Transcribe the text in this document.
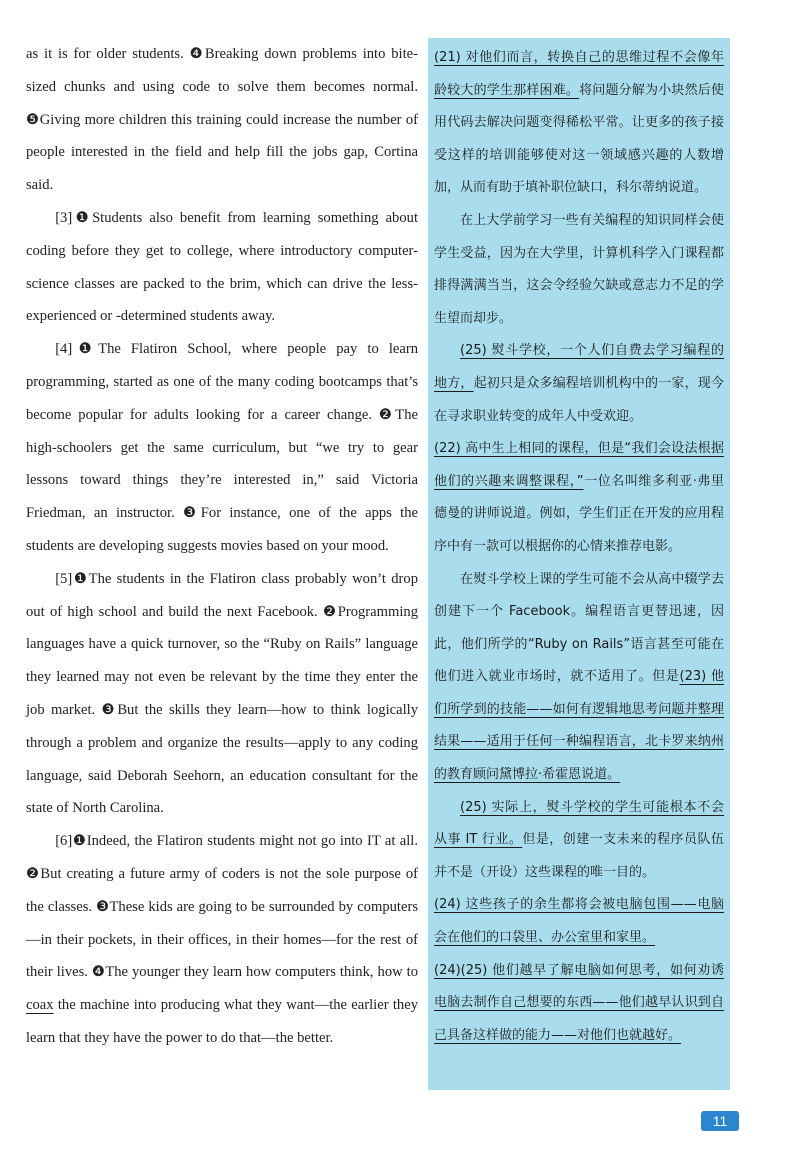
as it is for older students. ❹Breaking down problems into bite-sized chunks and using code to solve them becomes normal. ❺Giving more children this training could increase the number of people interested in the field and help fill the jobs gap, Cortina said.

[3]❶Students also benefit from learning something about coding before they get to college, where introductory computer-science classes are packed to the brim, which can drive the less-experienced or -determined students away.

[4]❶The Flatiron School, where people pay to learn programming, started as one of the many coding bootcamps that’s become popular for adults looking for a career change. ❷The high-schoolers get the same curriculum, but “we try to gear lessons toward things they’re interested in,” said Victoria Friedman, an instructor. ❸For instance, one of the apps the students are developing suggests movies based on your mood.

[5]❶The students in the Flatiron class probably won’t drop out of high school and build the next Facebook. ❷Programming languages have a quick turnover, so the “Ruby on Rails” language they learned may not even be relevant by the time they enter the job market. ❸But the skills they learn—how to think logically through a problem and organize the results—apply to any coding language, said Deborah Seehorn, an education consultant for the state of North Carolina.

[6]❶Indeed, the Flatiron students might not go into IT at all. ❷But creating a future army of coders is not the sole purpose of the classes. ❸These kids are going to be surrounded by computers—in their pockets, in their offices, in their homes—for the rest of their lives. ❹The younger they learn how computers think, how to coax the machine into producing what they want—the earlier they learn that they have the power to do that—the better.

(21) 对他们而言，转换自己的思维过程不会像年龄较大的学生那样困难。将问题分解为小块然后使用代码去解决问题变得稀松平常。让更多的孩子接受这样的培训能够使对这一领域感兴趣的人数增加，从而有助于填补职位缺口，科尔蒂纳说道。

在上大学前学习一些有关编程的知识同样会使学生受益，因为在大学里，计算机科学入门课程都排得满满当当，这会令经验欠缺或意志力不足的学生望而却步。

(25) 熨斗学校，一个人们自费去学习编程的地方，起初只是众多编程培训机构中的一家，现今在寻求职业转变的成年人中受欢迎。

(22) 高中生上相同的课程，但是“我们会设法根据他们的兴趣来调整课程，”一位名叫维多利亚·弗里德曼的讲师说道。例如，学生们正在开发的应用程序中有一款可以根据你的心情来推荐电影。

在熨斗学校上课的学生可能不会从高中辍学去创建下一个 Facebook。编程语言更替迅速，因此，他们所学的“Ruby on Rails”语言甚至可能在他们进入就业市场时，就不适用了。但是(23) 他们所学到的技能——如何有逻辑地思考问题并整理结果——适用于任何一种编程语言，北卡罗来纳州的教育顾问黛博拉·希霍恩说道。

(25) 实际上，熨斗学校的学生可能根本不会从事 IT 行业。但是，创建一支未来的程序员队伍并不是（开设）这些课程的唯一目的。

(24) 这些孩子的余生都将会被电脑包围——电脑会在他们的口袋里、办公室里和家里。

(24)(25) 他们越早了解电脑如何思考，如何劝诱电脑去制作自己想要的东西——他们越早认识到自己具备这样做的能力——对他们也就越好。

11
